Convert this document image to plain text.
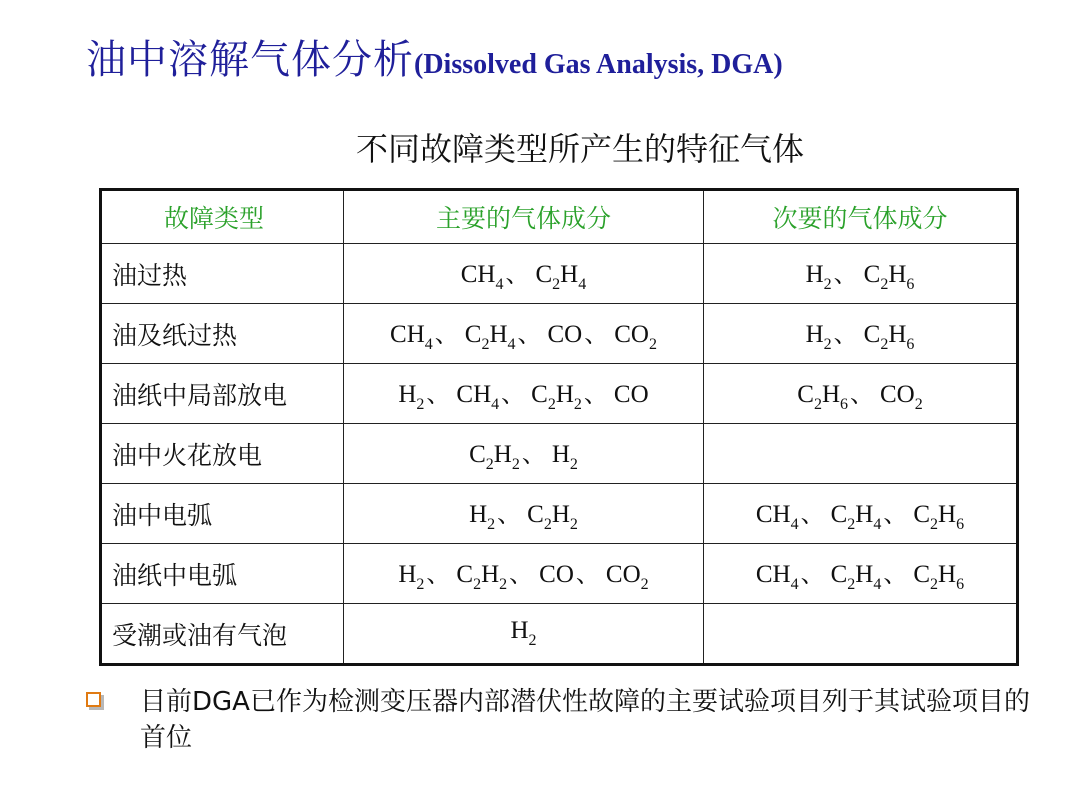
油中溶解气体分析 (Dissolved Gas Analysis, DGA)
不同故障类型所产生的特征气体
故障类型	主要的气体成分	次要的气体成分
油过热	$CH_4$、 $C_2H_4$	$H_2$、 $C_2H_6$
油及纸过热	$CH_4$、 $C_2H_4$、 CO、 $CO_2$	$H_2$、 $C_2H_6$
油纸中局部放电	$H_2$、 $CH_4$、 $C_2H_2$、 CO	$C_2H_6$、 $CO_2$
油中火花放电	$C_2H_2$、 $H_2$	
油中电弧	$H_2$、 $C_2H_2$	$CH_4$、 $C_2H_4$、 $C_2H_6$
油纸中电弧	$H_2$、 $C_2H_2$、 CO、 $CO_2$	$CH_4$、 $C_2H_4$、 $C_2H_6$
受潮或油有气泡	$H_2$	
目前DGA已作为检测变压器内部潜伏性故障的主要试验项目列于其试验项目的首位
